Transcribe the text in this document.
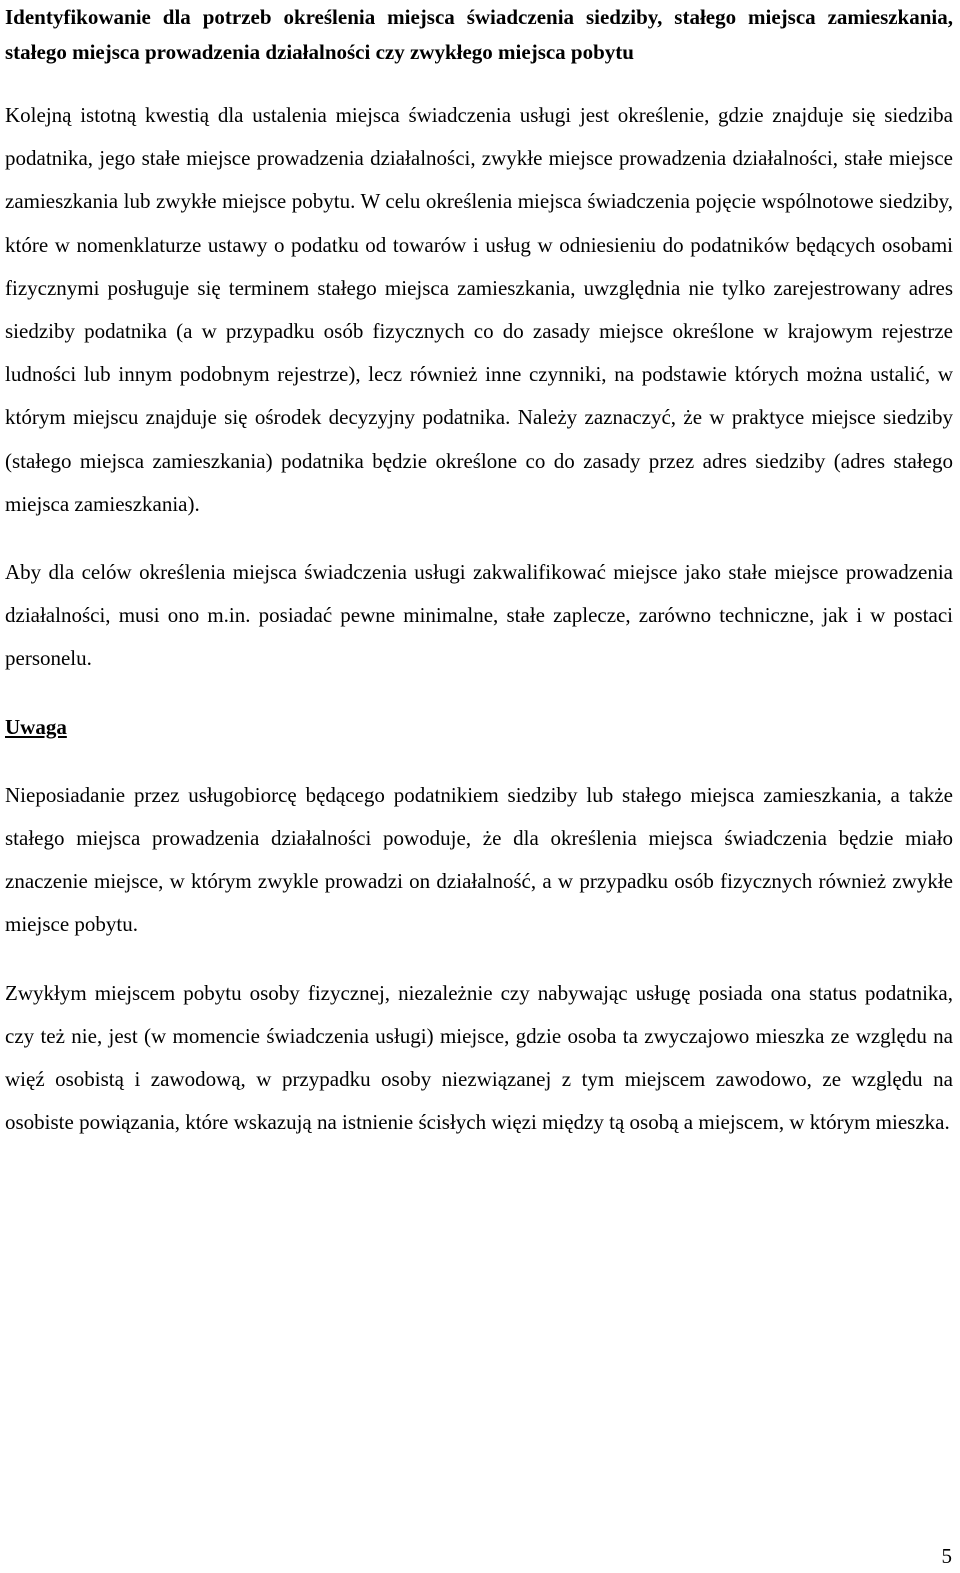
Identyfikowanie dla potrzeb określenia miejsca świadczenia siedziby, stałego miejsca zamieszkania, stałego miejsca prowadzenia działalności czy zwykłego miejsca pobytu

Kolejną istotną kwestią dla ustalenia miejsca świadczenia usługi jest określenie, gdzie znajduje się siedziba podatnika, jego stałe miejsce prowadzenia działalności, zwykłe miejsce prowadzenia działalności, stałe miejsce zamieszkania lub zwykłe miejsce pobytu. W celu określenia miejsca świadczenia pojęcie wspólnotowe siedziby, które w nomenklaturze ustawy o podatku od towarów i usług w odniesieniu do podatników będących osobami fizycznymi posługuje się terminem stałego miejsca zamieszkania, uwzględnia nie tylko zarejestrowany adres siedziby podatnika (a w przypadku osób fizycznych co do zasady miejsce określone w krajowym rejestrze ludności lub innym podobnym rejestrze), lecz również inne czynniki, na podstawie których można ustalić, w którym miejscu znajduje się ośrodek decyzyjny podatnika. Należy zaznaczyć, że w praktyce miejsce siedziby (stałego miejsca zamieszkania) podatnika będzie określone co do zasady przez adres siedziby (adres stałego miejsca zamieszkania).

Aby dla celów określenia miejsca świadczenia usługi zakwalifikować miejsce jako stałe miejsce prowadzenia działalności, musi ono m.in. posiadać pewne minimalne, stałe zaplecze, zarówno techniczne, jak i w postaci personelu.

Uwaga

Nieposiadanie przez usługobiorcę będącego podatnikiem siedziby lub stałego miejsca zamieszkania, a także stałego miejsca prowadzenia działalności powoduje, że dla określenia miejsca świadczenia będzie miało znaczenie miejsce, w którym zwykle prowadzi on działalność, a w przypadku osób fizycznych również zwykłe miejsce pobytu.

Zwykłym miejscem pobytu osoby fizycznej, niezależnie czy nabywając usługę posiada ona status podatnika, czy też nie, jest (w momencie świadczenia usługi) miejsce, gdzie osoba ta zwyczajowo mieszka ze względu na więź osobistą i zawodową, w przypadku osoby niezwiązanej z tym miejscem zawodowo, ze względu na osobiste powiązania, które wskazują na istnienie ścisłych więzi między tą osobą a miejscem, w którym mieszka.

5
